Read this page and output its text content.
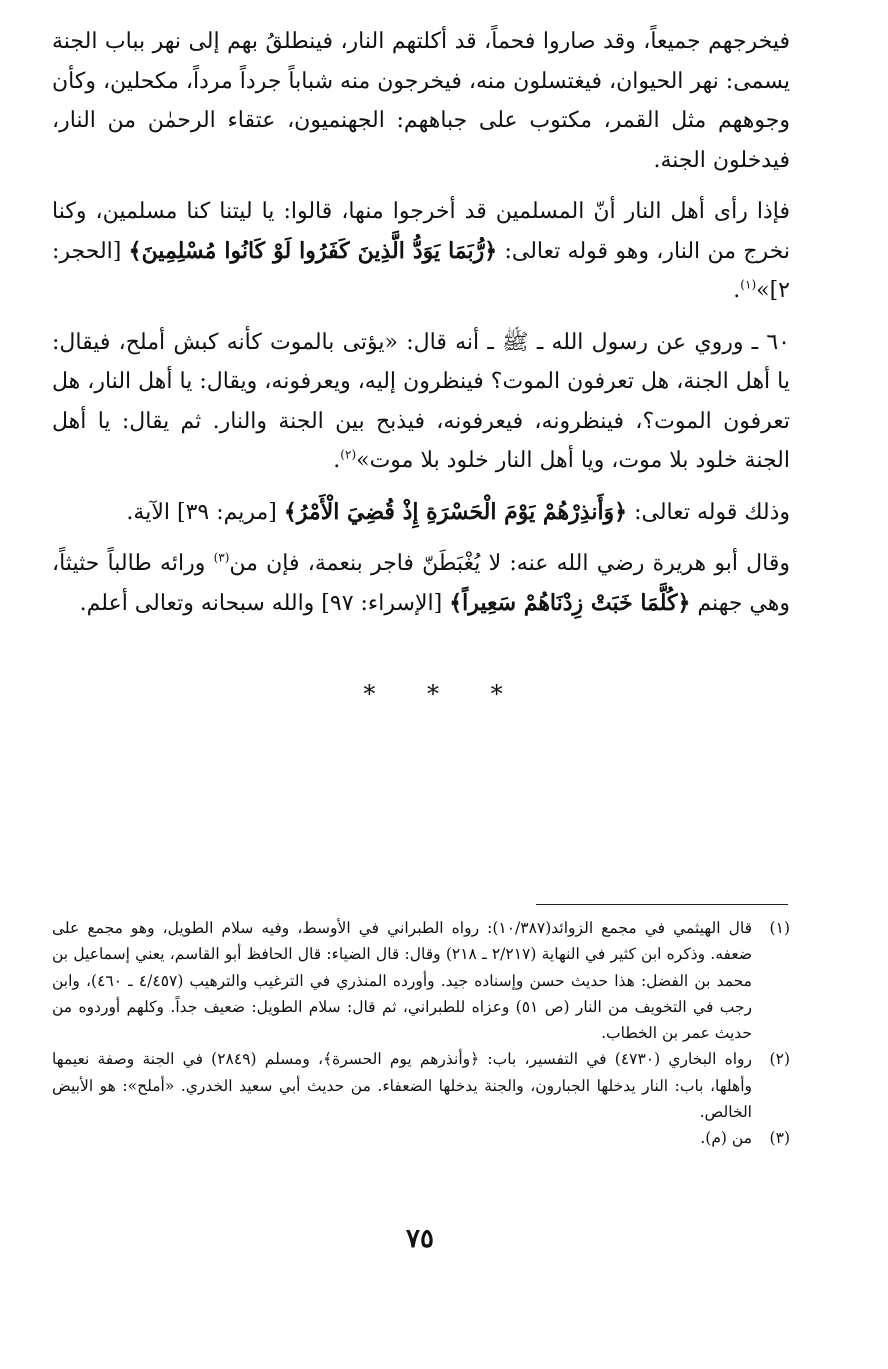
فيخرجهم جميعاً، وقد صاروا فحماً، قد أكلتهم النار، فينطلقُ بهم إلى نهر بباب الجنة يسمى: نهر الحيوان، فيغتسلون منه، فيخرجون منه شباباً جرداً مرداً، مكحلين، وكأن وجوههم مثل القمر، مكتوب على جباههم: الجهنميون، عتقاء الرحمٰن من النار، فيدخلون الجنة.

فإذا رأى أهل النار أنّ المسلمين قد أخرجوا منها، قالوا: يا ليتنا كنا مسلمين، وكنا نخرج من النار، وهو قوله تعالى: ﴿رُّبَمَا يَوَدُّ الَّذِينَ كَفَرُوا لَوْ كَانُوا مُسْلِمِينَ﴾ [الحجر: ٢]»$^{(١)}$.

٦٠ ـ وروي عن رسول الله ـ ﷺ ـ أنه قال: «يؤتى بالموت كأنه كبش أملح، فيقال: يا أهل الجنة، هل تعرفون الموت؟ فينظرون إليه، ويعرفونه، ويقال: يا أهل النار، هل تعرفون الموت؟، فينظرونه، فيعرفونه، فيذبح بين الجنة والنار. ثم يقال: يا أهل الجنة خلود بلا موت، ويا أهل النار خلود بلا موت»$^{(٢)}$.

وذلك قوله تعالى: ﴿وَأَنذِرْهُمْ يَوْمَ الْحَسْرَةِ إِذْ قُضِيَ الْأَمْرُ﴾ [مريم: ٣٩] الآية.

وقال أبو هريرة رضي الله عنه: لا يُغْبَطَنّ فاجر بنعمة، فإن من$^{(٣)}$ ورائه طالباً حثيثاً، وهي جهنم ﴿كُلَّمَا خَبَتْ زِدْنَاهُمْ سَعِيراً﴾ [الإسراء: ٩٧] والله سبحانه وتعالى أعلم.

* * *
(١)
قال الهيثمي في مجمع الزوائد(١٠/٣٨٧): رواه الطبراني في الأوسط، وفيه سلام الطويل، وهو مجمع على ضعفه. وذكره ابن كثير في النهاية (٢/٢١٧ ـ ٢١٨) وقال: قال الضياء: قال الحافظ أبو القاسم، يعني إسماعيل بن محمد بن الفضل: هذا حديث حسن وإسناده جيد. وأورده المنذري في الترغيب والترهيب (٤/٤٥٧ ـ ٤٦٠)، وابن رجب في التخويف من النار (ص ٥١) وعزاه للطبراني، ثم قال: سلام الطويل: ضعيف جداً. وكلهم أوردوه من حديث عمر بن الخطاب.
(٢)
رواه البخاري (٤٧٣٠) في التفسير، باب: ﴿وأنذرهم يوم الحسرة﴾، ومسلم (٢٨٤٩) في الجنة وصفة نعيمها وأهلها، باب: النار يدخلها الجبارون، والجنة يدخلها الضعفاء. من حديث أبي سعيد الخدري. «أملح»: هو الأبيض الخالص.
(٣)
من (م).
٧٥
